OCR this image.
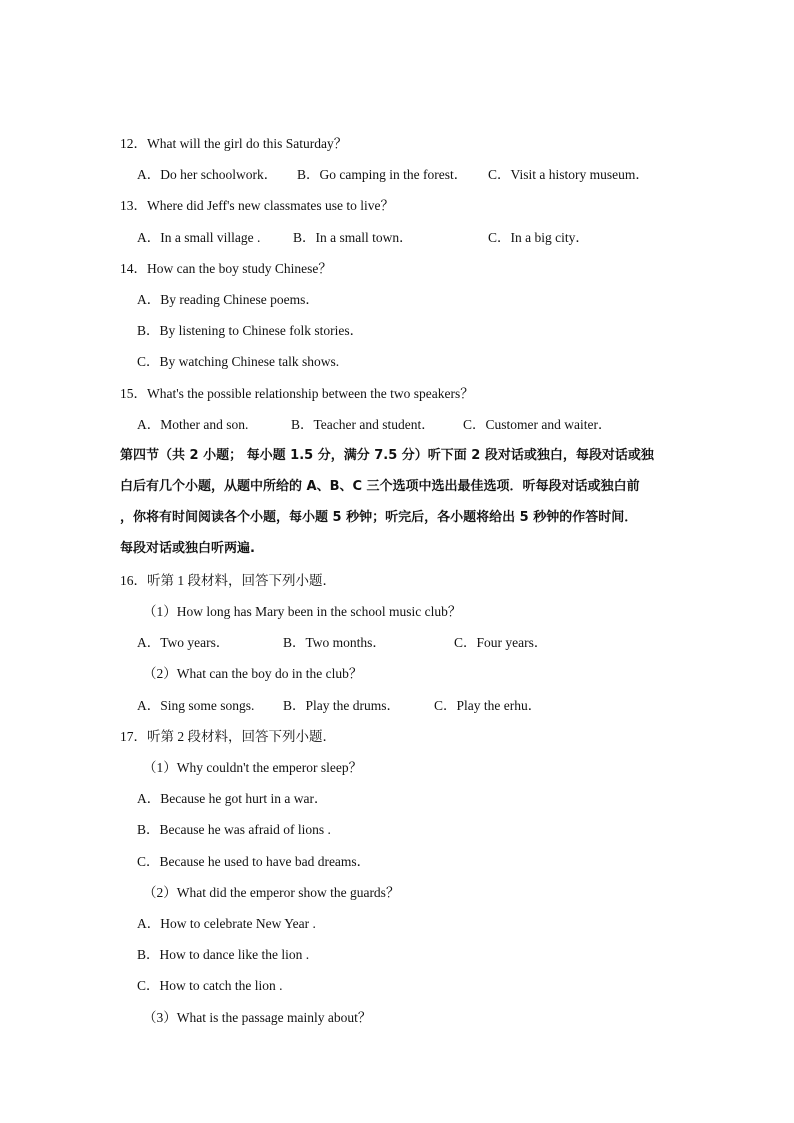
12．What will the girl do this Saturday？
A．Do her schoolwork． B．Go camping in the forest． C．Visit a history museum．
13．Where did Jeff's new classmates use to live？
A．In a small village . B．In a small town．	C．In a big city．
14．How can the boy study Chinese？
A．By reading Chinese poems．
B．By listening to Chinese folk stories．
C．By watching Chinese talk shows.
15．What's the possible relationship between the two speakers？
A．Mother and son.	B．Teacher and student． C．Customer and waiter．
第四节（共 2 小题； 每小题 1.5 分，满分 7.5 分）听下面 2 段对话或独白，每段对话或独
白后有几个小题，从题中所给的 A、B、C 三个选项中选出最佳选项．听每段对话或独白前
，你将有时间阅读各个小题，每小题 5 秒钟；听完后，各小题将给出 5 秒钟的作答时间．
每段对话或独白听两遍.
16．听第 1 段材料，回答下列小题．
（1）How long has Mary been in the school music club？
A．Two years．	B．Two months．	C．Four years．
（2）What can the boy do in the club？
A．Sing some songs. B．Play the drums．	C．Play the erhu．
17．听第 2 段材料，回答下列小题．
（1）Why couldn't the emperor sleep？
A．Because he got hurt in a war．
B．Because he was afraid of lions .
C．Because he used to have bad dreams．
（2）What did the emperor show the guards？
A．How to celebrate New Year .
B．How to dance like the lion .
C．How to catch the lion .
（3）What is the passage mainly about？
